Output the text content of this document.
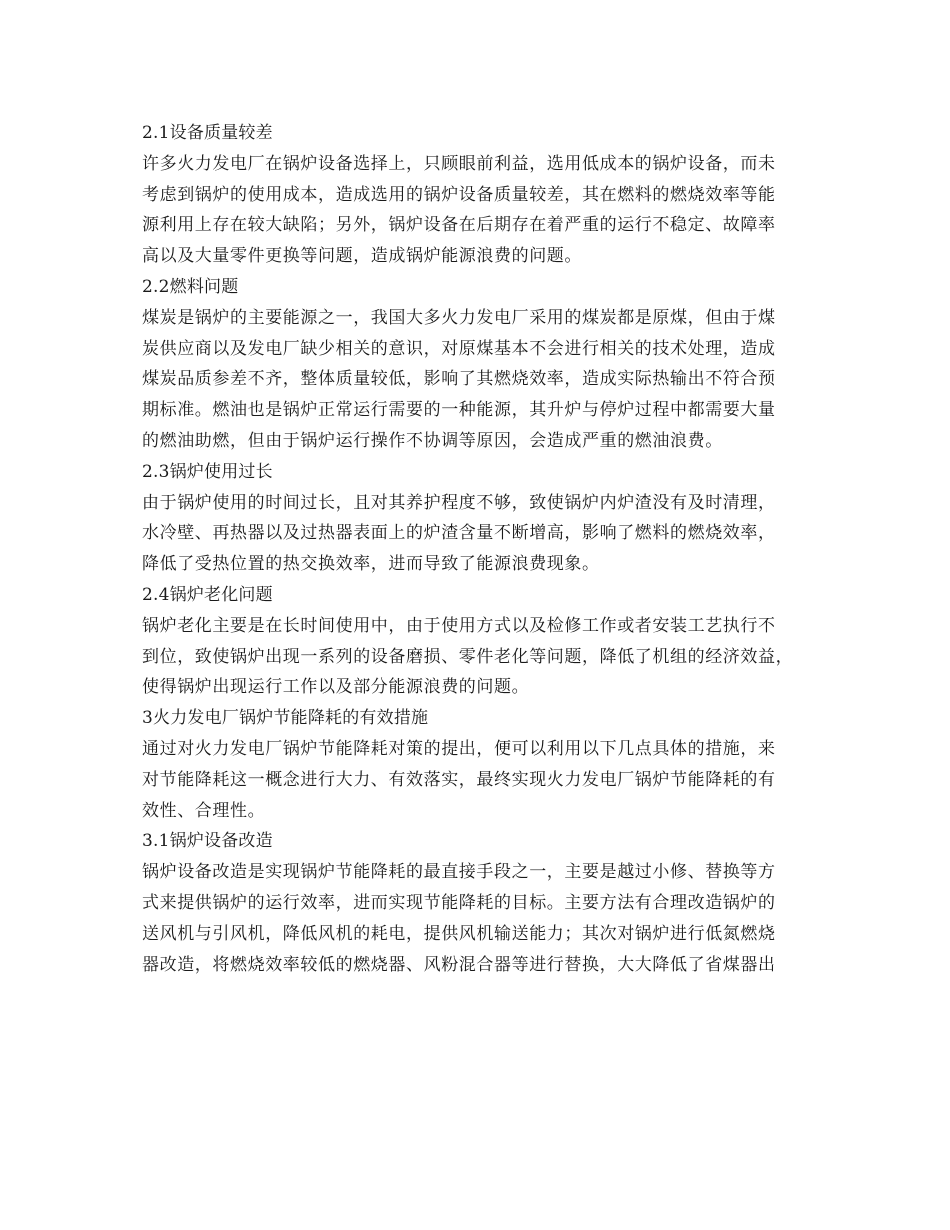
2.1设备质量较差
许多火力发电厂在锅炉设备选择上，只顾眼前利益，选用低成本的锅炉设备，而未
考虑到锅炉的使用成本，造成选用的锅炉设备质量较差，其在燃料的燃烧效率等能
源利用上存在较大缺陷；另外，锅炉设备在后期存在着严重的运行不稳定、故障率
高以及大量零件更换等问题，造成锅炉能源浪费的问题。
2.2燃料问题
煤炭是锅炉的主要能源之一，我国大多火力发电厂采用的煤炭都是原煤，但由于煤
炭供应商以及发电厂缺少相关的意识，对原煤基本不会进行相关的技术处理，造成
煤炭品质参差不齐，整体质量较低，影响了其燃烧效率，造成实际热输出不符合预
期标准。燃油也是锅炉正常运行需要的一种能源，其升炉与停炉过程中都需要大量
的燃油助燃，但由于锅炉运行操作不协调等原因，会造成严重的燃油浪费。
2.3锅炉使用过长
由于锅炉使用的时间过长，且对其养护程度不够，致使锅炉内炉渣没有及时清理，
水冷壁、再热器以及过热器表面上的炉渣含量不断增高，影响了燃料的燃烧效率，
降低了受热位置的热交换效率，进而导致了能源浪费现象。
2.4锅炉老化问题
锅炉老化主要是在长时间使用中，由于使用方式以及检修工作或者安装工艺执行不
到位，致使锅炉出现一系列的设备磨损、零件老化等问题，降低了机组的经济效益，
使得锅炉出现运行工作以及部分能源浪费的问题。
3火力发电厂锅炉节能降耗的有效措施
通过对火力发电厂锅炉节能降耗对策的提出，便可以利用以下几点具体的措施，来
对节能降耗这一概念进行大力、有效落实，最终实现火力发电厂锅炉节能降耗的有
效性、合理性。
3.1锅炉设备改造
锅炉设备改造是实现锅炉节能降耗的最直接手段之一，主要是越过小修、替换等方
式来提供锅炉的运行效率，进而实现节能降耗的目标。主要方法有合理改造锅炉的
送风机与引风机，降低风机的耗电，提供风机输送能力；其次对锅炉进行低氮燃烧
器改造，将燃烧效率较低的燃烧器、风粉混合器等进行替换，大大降低了省煤器出
